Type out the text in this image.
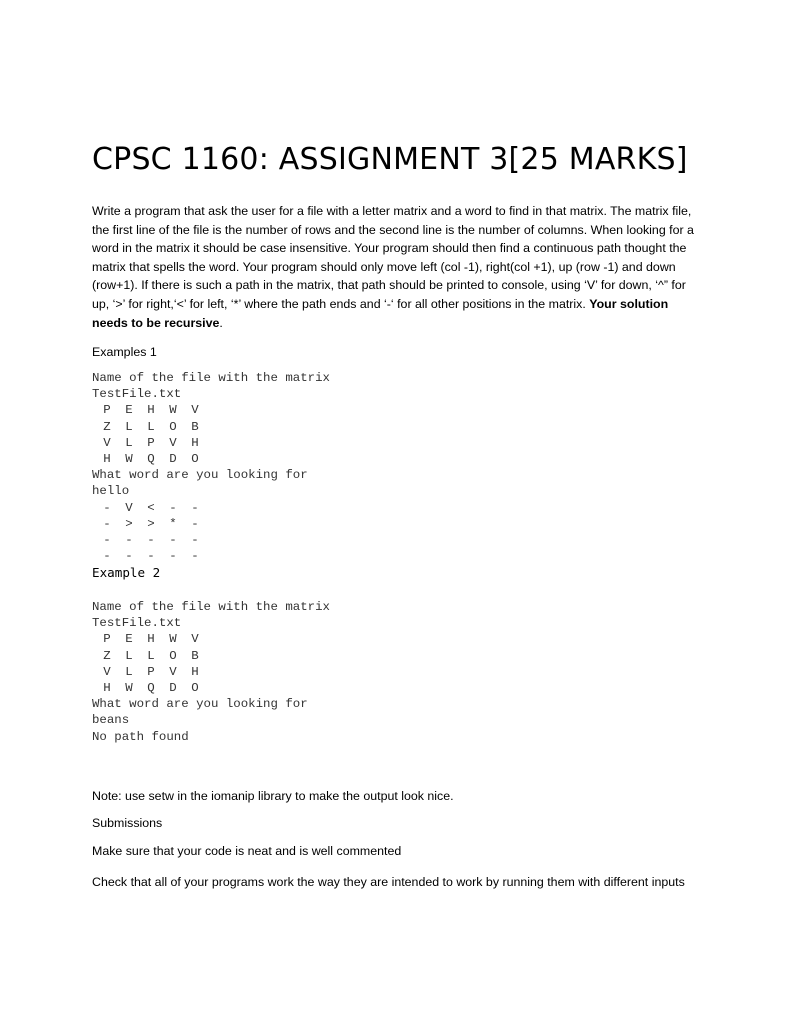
CPSC 1160: ASSIGNMENT 3[25 MARKS]

Write a program that ask the user for a file with a letter matrix and a word to find in that matrix. The matrix file, the first line of the file is the number of rows and the second line is the number of columns. When looking for a word in the matrix it should be case insensitive. Your program should then find a continuous path thought the matrix that spells the word. Your program should only move left (col -1), right(col +1), up (row -1) and down (row+1). If there is such a path in the matrix, that path should be printed to console, using ‘V’ for down, ‘^” for up, ‘>’ for right,‘<’ for left, ‘*’ where the path ends and ‘-‘ for all other positions in the matrix. Your solution needs to be recursive.

Examples 1

Name of the file with the matrix
TestFile.txt
P	E	H	W	V
Z	L	L	O	B
V	L	P	V	H
H	W	Q	D	O
What word are you looking for
hello
-	V	<	-	-
-	>	>	*	-
-	-	-	-	-
-	-	-	-	-

Example 2

Name of the file with the matrix
TestFile.txt
P	E	H	W	V
Z	L	L	O	B
V	L	P	V	H
H	W	Q	D	O
What word are you looking for
beans
No path found

Note: use setw in the iomanip library to make the output look nice.

Submissions

Make sure that your code is neat and is well commented

Check that all of your programs work the way they are intended to work by running them with different inputs
